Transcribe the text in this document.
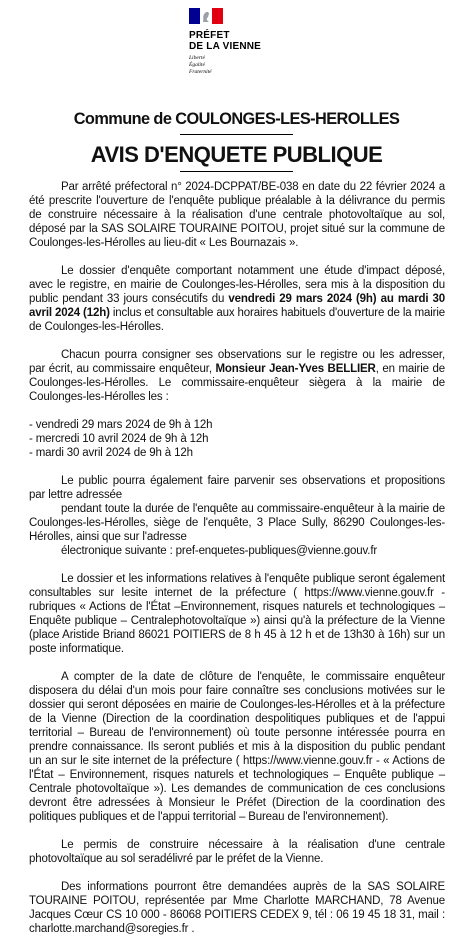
PRÉFET
DE LA VIENNE
Liberté
Égalité
Fraternité
Commune de COULONGES-LES-HEROLLES
AVIS D'ENQUETE PUBLIQUE

Par arrêté préfectoral n° 2024-DCPPAT/BE-038 en date du 22 février 2024 a été prescrite l'ouverture de l'enquête publique préalable à la délivrance du permis de construire nécessaire à la réalisation d'une centrale photovoltaïque au sol, déposé par la SAS SOLAIRE TOURAINE POITOU, projet situé sur la commune de Coulonges-les-Hérolles au lieu-dit « Les Bournazais ».

Le dossier d'enquête comportant notamment une étude d'impact déposé, avec le registre, en mairie de Coulonges-les-Hérolles, sera mis à la disposition du public pendant 33 jours consécutifs du vendredi 29 mars 2024 (9h) au mardi 30 avril 2024 (12h) inclus et consultable aux horaires habituels d'ouverture de la mairie de Coulonges-les-Hérolles.

Chacun pourra consigner ses observations sur le registre ou les adresser, par écrit, au commissaire enquêteur, Monsieur Jean-Yves BELLIER, en mairie de Coulonges-les-Hérolles. Le commissaire-enquêteur siègera à la mairie de Coulonges-les-Hérolles les :

- vendredi 29 mars 2024 de 9h à 12h
- mercredi 10 avril 2024 de 9h à 12h
- mardi 30 avril 2024 de 9h à 12h

Le public pourra également faire parvenir ses observations et propositions par lettre adressée

pendant toute la durée de l'enquête au commissaire-enquêteur à la mairie de Coulonges-les-Hérolles, siège de l'enquête, 3 Place Sully, 86290 Coulonges-les-Hérolles, ainsi que sur l'adresse

électronique suivante : pref-enquetes-publiques@vienne.gouv.fr

Le dossier et les informations relatives à l'enquête publique seront également consultables sur lesite internet de la préfecture ( https://www.vienne.gouv.fr - rubriques « Actions de l'État –Environnement, risques naturels et technologiques – Enquête publique – Centralephotovoltaïque ») ainsi qu'à la préfecture de la Vienne (place Aristide Briand 86021 POITIERS de 8 h 45 à 12 h et de 13h30 à 16h) sur un poste informatique.

A compter de la date de clôture de l'enquête, le commissaire enquêteur disposera du délai d'un mois pour faire connaître ses conclusions motivées sur le dossier qui seront déposées en mairie de Coulonges-les-Hérolles et à la préfecture de la Vienne (Direction de la coordination despolitiques publiques et de l'appui territorial – Bureau de l'environnement) où toute personne intéressée pourra en prendre connaissance. Ils seront publiés et mis à la disposition du public pendant un an sur le site internet de la préfecture ( https://www.vienne.gouv.fr - « Actions de l'État – Environnement, risques naturels et technologiques – Enquête publique – Centrale photovoltaïque »). Les demandes de communication de ces conclusions devront être adressées à Monsieur le Préfet (Direction de la coordination des politiques publiques et de l'appui territorial – Bureau de l'environnement).

Le permis de construire nécessaire à la réalisation d'une centrale photovoltaïque au sol seradélivré par le préfet de la Vienne.

Des informations pourront être demandées auprès de la SAS SOLAIRE TOURAINE POITOU, représentée par Mme Charlotte MARCHAND, 78 Avenue Jacques Cœur CS 10 000 - 86068 POITIERS CEDEX 9, tél : 06 19 45 18 31, mail : charlotte.marchand@soregies.fr .
